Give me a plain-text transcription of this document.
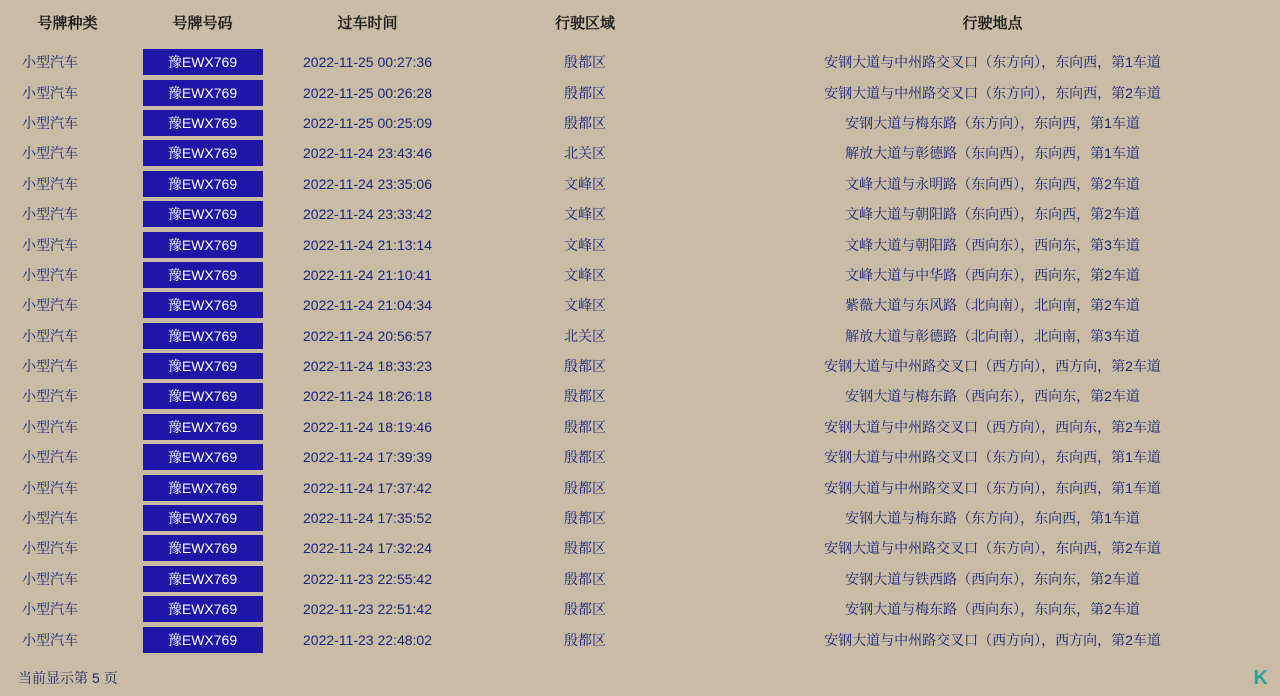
号牌种类	号牌号码	过车时间	行驶区域	行驶地点
小型汽车	豫EWX769	2022-11-25 00:27:36	殷都区	安钢大道与中州路交叉口（东方向），东向西，第1车道
小型汽车	豫EWX769	2022-11-25 00:26:28	殷都区	安钢大道与中州路交叉口（东方向），东向西，第2车道
小型汽车	豫EWX769	2022-11-25 00:25:09	殷都区	安钢大道与梅东路（东方向），东向西，第1车道
小型汽车	豫EWX769	2022-11-24 23:43:46	北关区	解放大道与彰德路（东向西），东向西，第1车道
小型汽车	豫EWX769	2022-11-24 23:35:06	文峰区	文峰大道与永明路（东向西），东向西，第2车道
小型汽车	豫EWX769	2022-11-24 23:33:42	文峰区	文峰大道与朝阳路（东向西），东向西，第2车道
小型汽车	豫EWX769	2022-11-24 21:13:14	文峰区	文峰大道与朝阳路（西向东），西向东，第3车道
小型汽车	豫EWX769	2022-11-24 21:10:41	文峰区	文峰大道与中华路（西向东），西向东，第2车道
小型汽车	豫EWX769	2022-11-24 21:04:34	文峰区	紫薇大道与东风路（北向南），北向南，第2车道
小型汽车	豫EWX769	2022-11-24 20:56:57	北关区	解放大道与彰德路（北向南），北向南，第3车道
小型汽车	豫EWX769	2022-11-24 18:33:23	殷都区	安钢大道与中州路交叉口（西方向），西方向，第2车道
小型汽车	豫EWX769	2022-11-24 18:26:18	殷都区	安钢大道与梅东路（西向东），西向东，第2车道
小型汽车	豫EWX769	2022-11-24 18:19:46	殷都区	安钢大道与中州路交叉口（西方向），西向东，第2车道
小型汽车	豫EWX769	2022-11-24 17:39:39	殷都区	安钢大道与中州路交叉口（东方向），东向西，第1车道
小型汽车	豫EWX769	2022-11-24 17:37:42	殷都区	安钢大道与中州路交叉口（东方向），东向西，第1车道
小型汽车	豫EWX769	2022-11-24 17:35:52	殷都区	安钢大道与梅东路（东方向），东向西，第1车道
小型汽车	豫EWX769	2022-11-24 17:32:24	殷都区	安钢大道与中州路交叉口（东方向），东向西，第2车道
小型汽车	豫EWX769	2022-11-23 22:55:42	殷都区	安钢大道与铁西路（西向东），东向东，第2车道
小型汽车	豫EWX769	2022-11-23 22:51:42	殷都区	安钢大道与梅东路（西向东），东向东，第2车道
小型汽车	豫EWX769	2022-11-23 22:48:02	殷都区	安钢大道与中州路交叉口（西方向），西方向，第2车道
当前显示第 5 页	K
